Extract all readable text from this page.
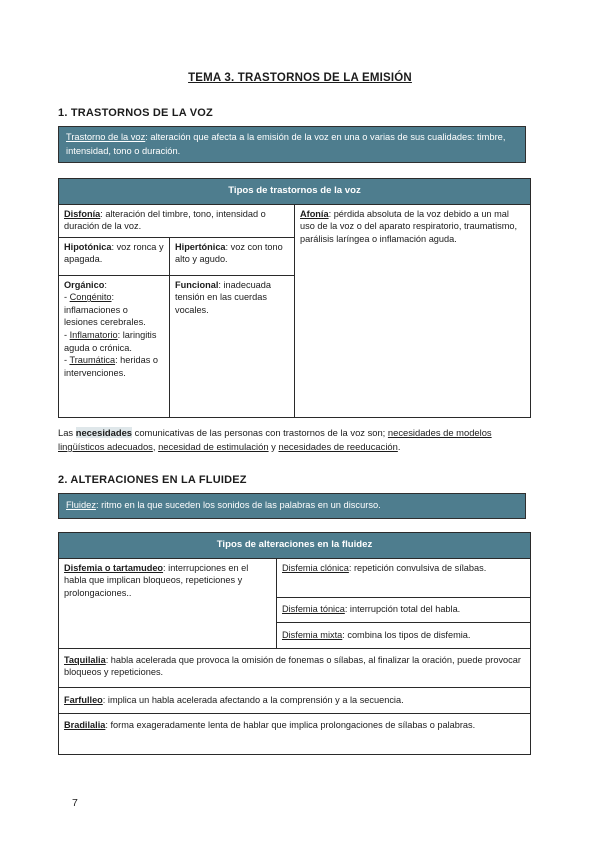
TEMA 3. TRASTORNOS DE LA EMISIÓN
1. TRASTORNOS DE LA VOZ
Trastorno de la voz: alteración que afecta a la emisión de la voz en una o varias de sus cualidades: timbre, intensidad, tono o duración.
Tipos de trastornos de la voz		
Disfonía: alteración del timbre, tono, intensidad o duración de la voz.		Afonía: pérdida absoluta de la voz debido a un mal uso de la voz o del aparato respiratorio, traumatismo, parálisis laríngea o inflamación aguda.
Hipotónica: voz ronca y apagada.	Hipertónica: voz con tono alto y agudo.	
Orgánico:
- Congénito: inflamaciones o lesiones cerebrales.
- Inflamatorio: laringitis aguda o crónica.
- Traumática: heridas o intervenciones.	Funcional: inadecuada tensión en las cuerdas vocales.	
Las necesidades comunicativas de las personas con trastornos de la voz son; necesidades de modelos lingüísticos adecuados, necesidad de estimulación y necesidades de reeducación.
2. ALTERACIONES EN LA FLUIDEZ
Fluidez: ritmo en la que suceden los sonidos de las palabras en un discurso.
Tipos de alteraciones en la fluidez
Disfemia o tartamudeo: interrupciones en el habla que implican bloqueos, repeticiones y prolongaciones..	Disfemia clónica: repetición convulsiva de sílabas.
Disfemia tónica: interrupción total del habla.
Disfemia mixta: combina los tipos de disfemia.
Taquilalia: habla acelerada que provoca la omisión de fonemas o sílabas, al finalizar la oración, puede provocar bloqueos y repeticiones.
Farfulleo: implica un habla acelerada afectando a la comprensión y a la secuencia.
Bradilalia: forma exageradamente lenta de hablar que implica prolongaciones de sílabas o palabras.
7
